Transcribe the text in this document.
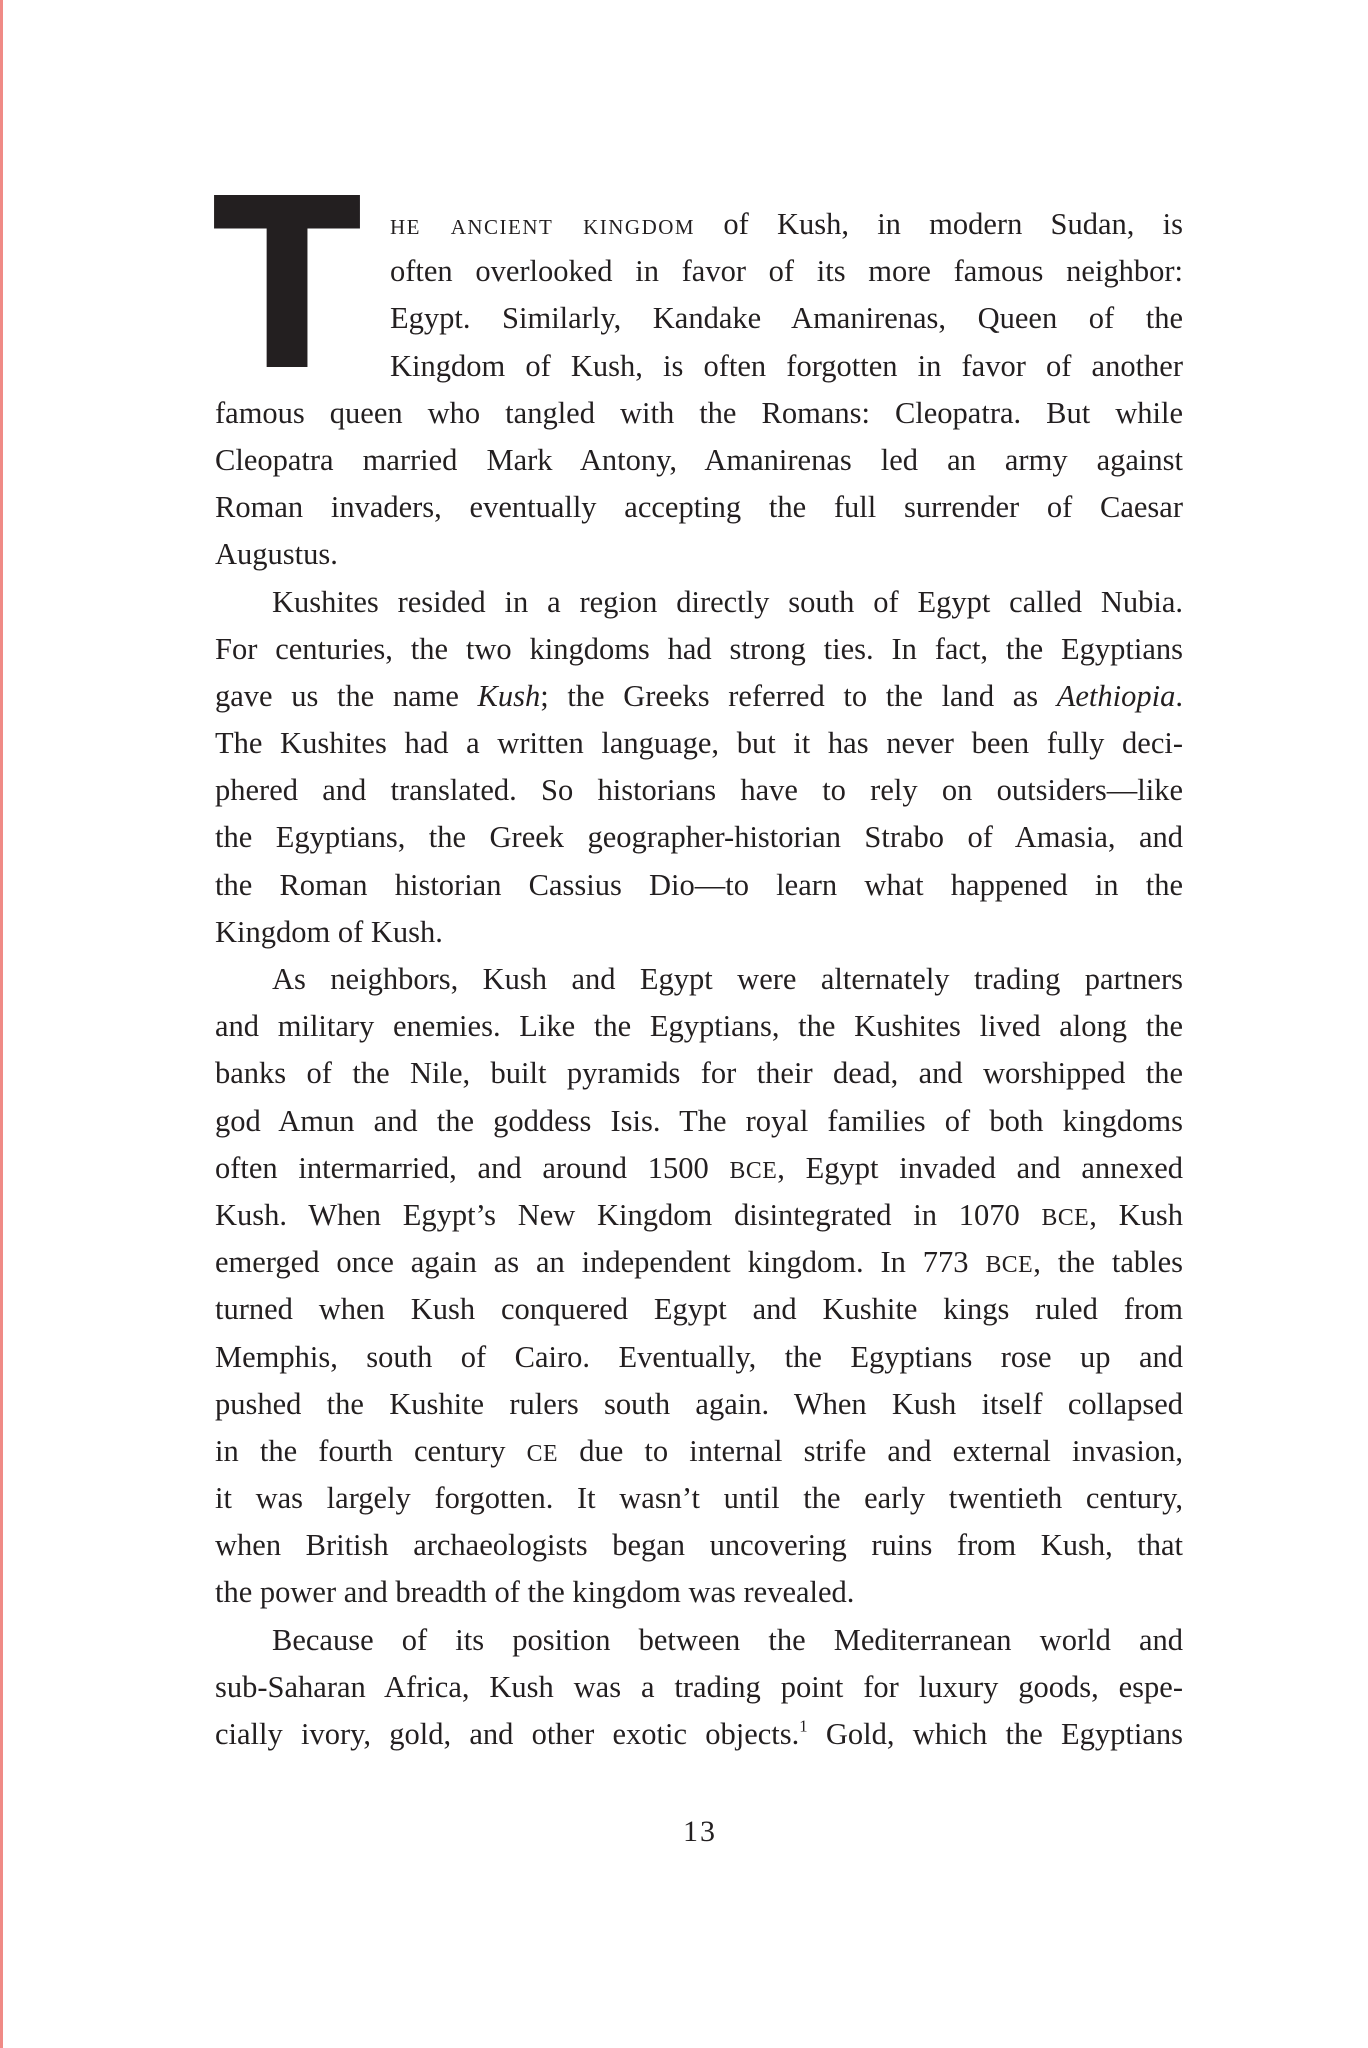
T he ancient kingdom of Kush, in modern Sudan, is
often overlooked in favor of its more famous neighbor:
Egypt. Similarly, Kandake Amanirenas, Queen of the
Kingdom of Kush, is often forgotten in favor of another
famous queen who tangled with the Romans: Cleopatra. But while
Cleopatra married Mark Antony, Amanirenas led an army against
Roman invaders, eventually accepting the full surrender of Caesar
Augustus.
Kushites resided in a region directly south of Egypt called Nubia.
For centuries, the two kingdoms had strong ties. In fact, the Egyptians
gave us the name Kush; the Greeks referred to the land as Aethiopia.
The Kushites had a written language, but it has never been fully deci-
phered and translated. So historians have to rely on outsiders—like
the Egyptians, the Greek geographer-historian Strabo of Amasia, and
the Roman historian Cassius Dio—to learn what happened in the
Kingdom of Kush.
As neighbors, Kush and Egypt were alternately trading partners
and military enemies. Like the Egyptians, the Kushites lived along the
banks of the Nile, built pyramids for their dead, and worshipped the
god Amun and the goddess Isis. The royal families of both kingdoms
often intermarried, and around 1500 BCE, Egypt invaded and annexed
Kush. When Egypt’s New Kingdom disintegrated in 1070 BCE, Kush
emerged once again as an independent kingdom. In 773 BCE, the tables
turned when Kush conquered Egypt and Kushite kings ruled from
Memphis, south of Cairo. Eventually, the Egyptians rose up and
pushed the Kushite rulers south again. When Kush itself collapsed
in the fourth century CE due to internal strife and external invasion,
it was largely forgotten. It wasn’t until the early twentieth century,
when British archaeologists began uncovering ruins from Kush, that
the power and breadth of the kingdom was revealed.
Because of its position between the Mediterranean world and
sub-Saharan Africa, Kush was a trading point for luxury goods, espe-
cially ivory, gold, and other exotic objects.$^1$ Gold, which the Egyptians
13
